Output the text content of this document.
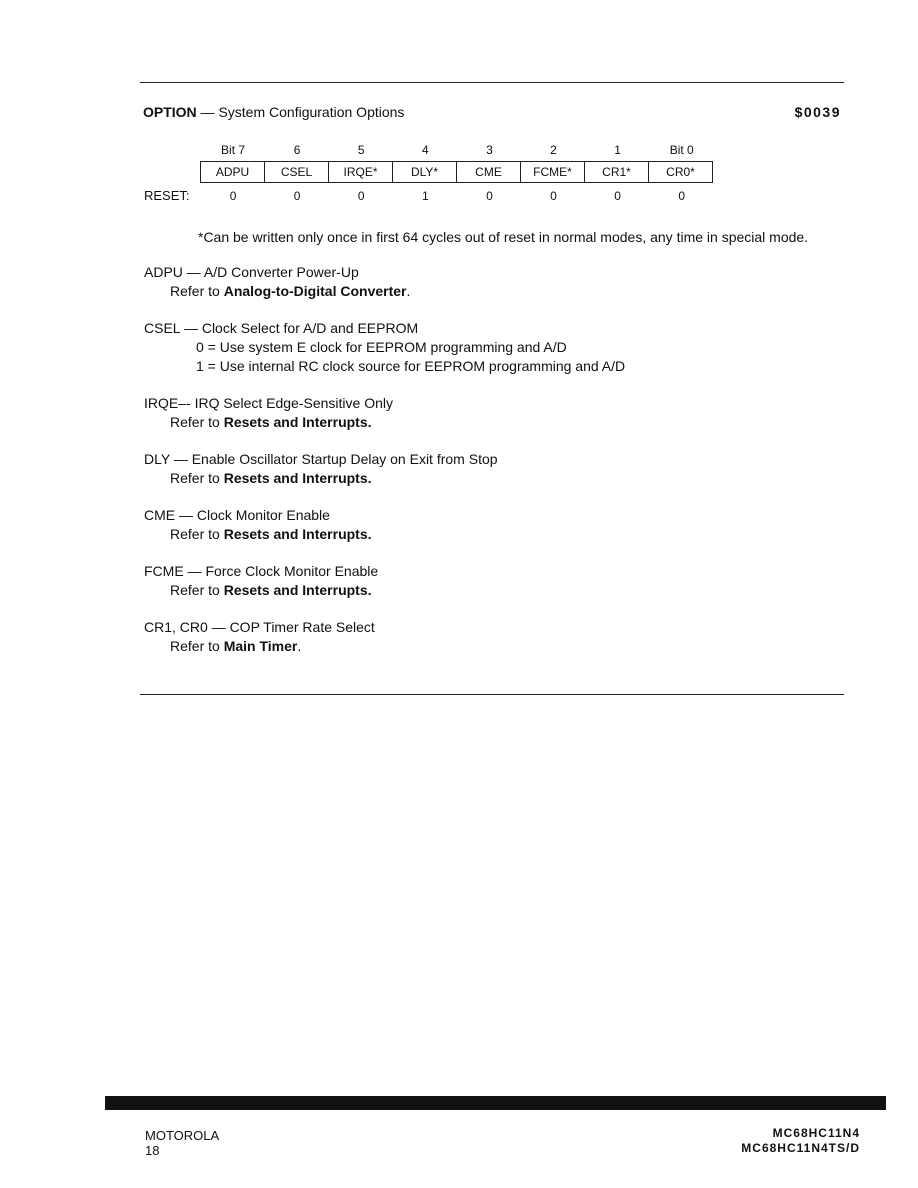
OPTION — System Configuration Options	$0039
Bit 7	6	5	4	3	2	1	Bit 0
ADPU	CSEL	IRQE*	DLY*	CME	FCME*	CR1*	CR0*
RESET:	0	0	0	1	0	0	0	0
*Can be written only once in first 64 cycles out of reset in normal modes, any time in special mode.
ADPU — A/D Converter Power-Up
Refer to Analog-to-Digital Converter.
CSEL — Clock Select for A/D and EEPROM
0 = Use system E clock for EEPROM programming and A/D
1 = Use internal RC clock source for EEPROM programming and A/D
IRQE–- IRQ Select Edge-Sensitive Only
Refer to Resets and Interrupts.
DLY — Enable Oscillator Startup Delay on Exit from Stop
Refer to Resets and Interrupts.
CME — Clock Monitor Enable
Refer to Resets and Interrupts.
FCME — Force Clock Monitor Enable
Refer to Resets and Interrupts.
CR1, CR0 — COP Timer Rate Select
Refer to Main Timer.
MOTOROLA
18
MC68HC11N4
MC68HC11N4TS/D
